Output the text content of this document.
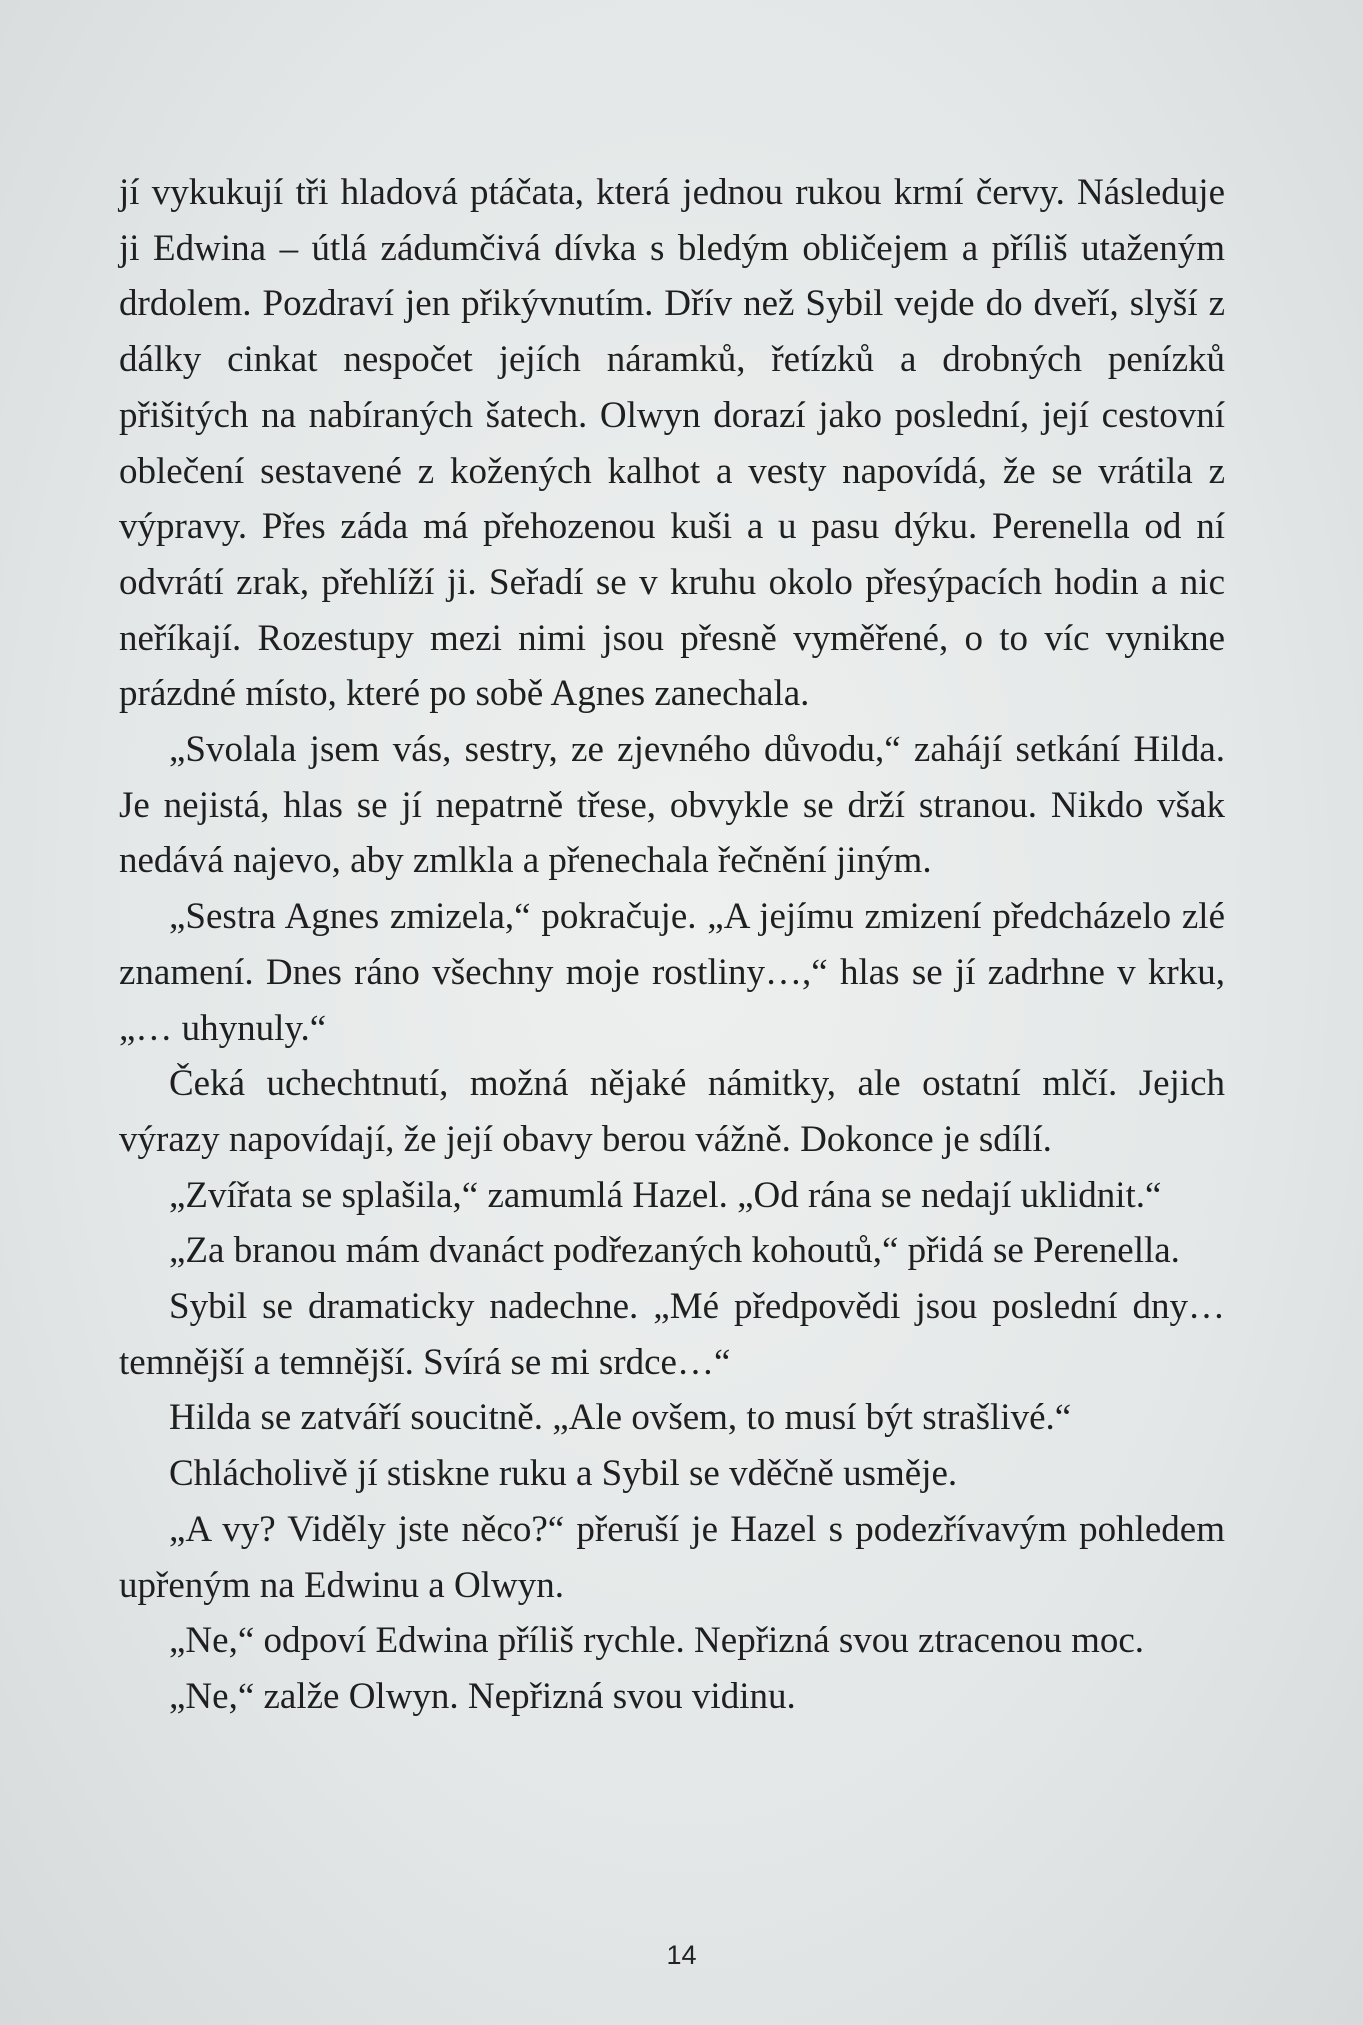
jí vykukují tři hladová ptáčata, která jednou rukou krmí červy. Následuje ji Edwina – útlá zádumčivá dívka s bledým obličejem a příliš utaženým drdolem. Pozdraví jen přikývnutím. Dřív než Sybil vejde do dveří, slyší z dálky cinkat nespočet jejích náramků, řetízků a drobných penízků přišitých na nabíraných šatech. Olwyn dorazí jako poslední, její cestovní oblečení sestavené z kožených kalhot a vesty napovídá, že se vrátila z výpravy. Přes záda má přehozenou kuši a u pasu dýku. Perenella od ní odvrátí zrak, přehlíží ji. Seřadí se v kruhu okolo přesýpacích hodin a nic neříkají. Rozestupy mezi nimi jsou přesně vyměřené, o to víc vynikne prázdné místo, které po sobě Agnes zanechala.

„Svolala jsem vás, sestry, ze zjevného důvodu,“ zahájí setkání Hilda. Je nejistá, hlas se jí nepatrně třese, obvykle se drží stranou. Nikdo však nedává najevo, aby zmlkla a přenechala řečnění jiným.

„Sestra Agnes zmizela,“ pokračuje. „A jejímu zmizení předcházelo zlé znamení. Dnes ráno všechny moje rostliny…,“ hlas se jí zadrhne v krku, „… uhynuly.“

Čeká uchechtnutí, možná nějaké námitky, ale ostatní mlčí. Jejich výrazy napovídají, že její obavy berou vážně. Dokonce je sdílí.

„Zvířata se splašila,“ zamumlá Hazel. „Od rána se nedají uklidnit.“

„Za branou mám dvanáct podřezaných kohoutů,“ přidá se Perenella.

Sybil se dramaticky nadechne. „Mé předpovědi jsou poslední dny… temnější a temnější. Svírá se mi srdce…“

Hilda se zatváří soucitně. „Ale ovšem, to musí být strašlivé.“

Chlácholivě jí stiskne ruku a Sybil se vděčně usměje.

„A vy? Viděly jste něco?“ přeruší je Hazel s podezřívavým pohledem upřeným na Edwinu a Olwyn.

„Ne,“ odpoví Edwina příliš rychle. Nepřizná svou ztracenou moc.

„Ne,“ zalže Olwyn. Nepřizná svou vidinu.

14
